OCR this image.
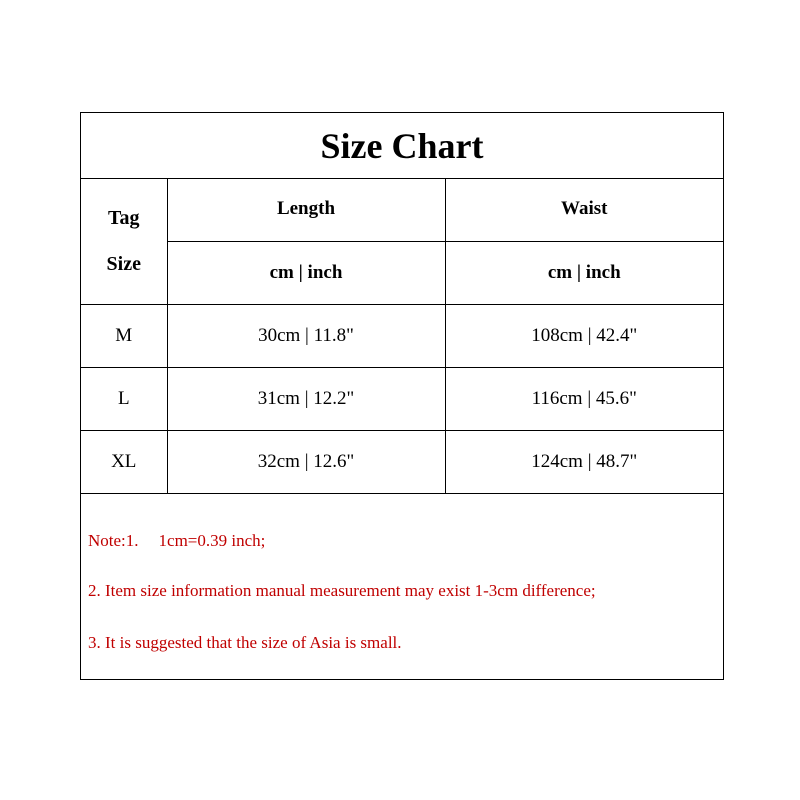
Size Chart
Tag
Size	Length	Waist
	cm | inch	cm | inch
M	30cm | 11.8"	108cm | 42.4"
L	31cm | 12.2"	116cm | 45.6"
XL	32cm | 12.6"	124cm | 48.7"
Note:1. 1cm=0.39 inch;
2. Item size information manual measurement may exist 1-3cm difference;
3. It is suggested that the size of Asia is small.
